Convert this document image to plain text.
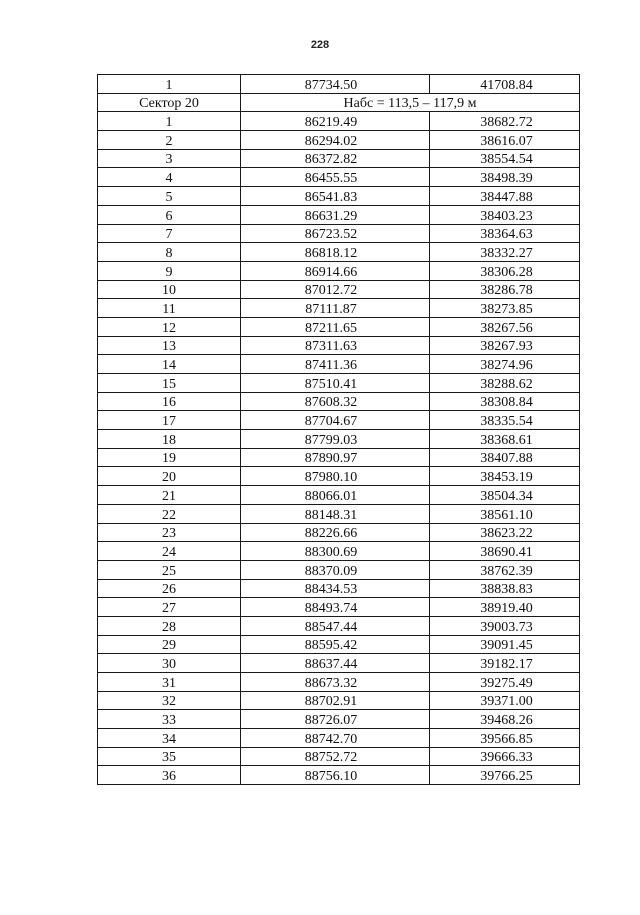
228
1	87734.50	41708.84
Сектор 20	Набс = 113,5 – 117,9 м	
1	86219.49	38682.72
2	86294.02	38616.07
3	86372.82	38554.54
4	86455.55	38498.39
5	86541.83	38447.88
6	86631.29	38403.23
7	86723.52	38364.63
8	86818.12	38332.27
9	86914.66	38306.28
10	87012.72	38286.78
11	87111.87	38273.85
12	87211.65	38267.56
13	87311.63	38267.93
14	87411.36	38274.96
15	87510.41	38288.62
16	87608.32	38308.84
17	87704.67	38335.54
18	87799.03	38368.61
19	87890.97	38407.88
20	87980.10	38453.19
21	88066.01	38504.34
22	88148.31	38561.10
23	88226.66	38623.22
24	88300.69	38690.41
25	88370.09	38762.39
26	88434.53	38838.83
27	88493.74	38919.40
28	88547.44	39003.73
29	88595.42	39091.45
30	88637.44	39182.17
31	88673.32	39275.49
32	88702.91	39371.00
33	88726.07	39468.26
34	88742.70	39566.85
35	88752.72	39666.33
36	88756.10	39766.25
